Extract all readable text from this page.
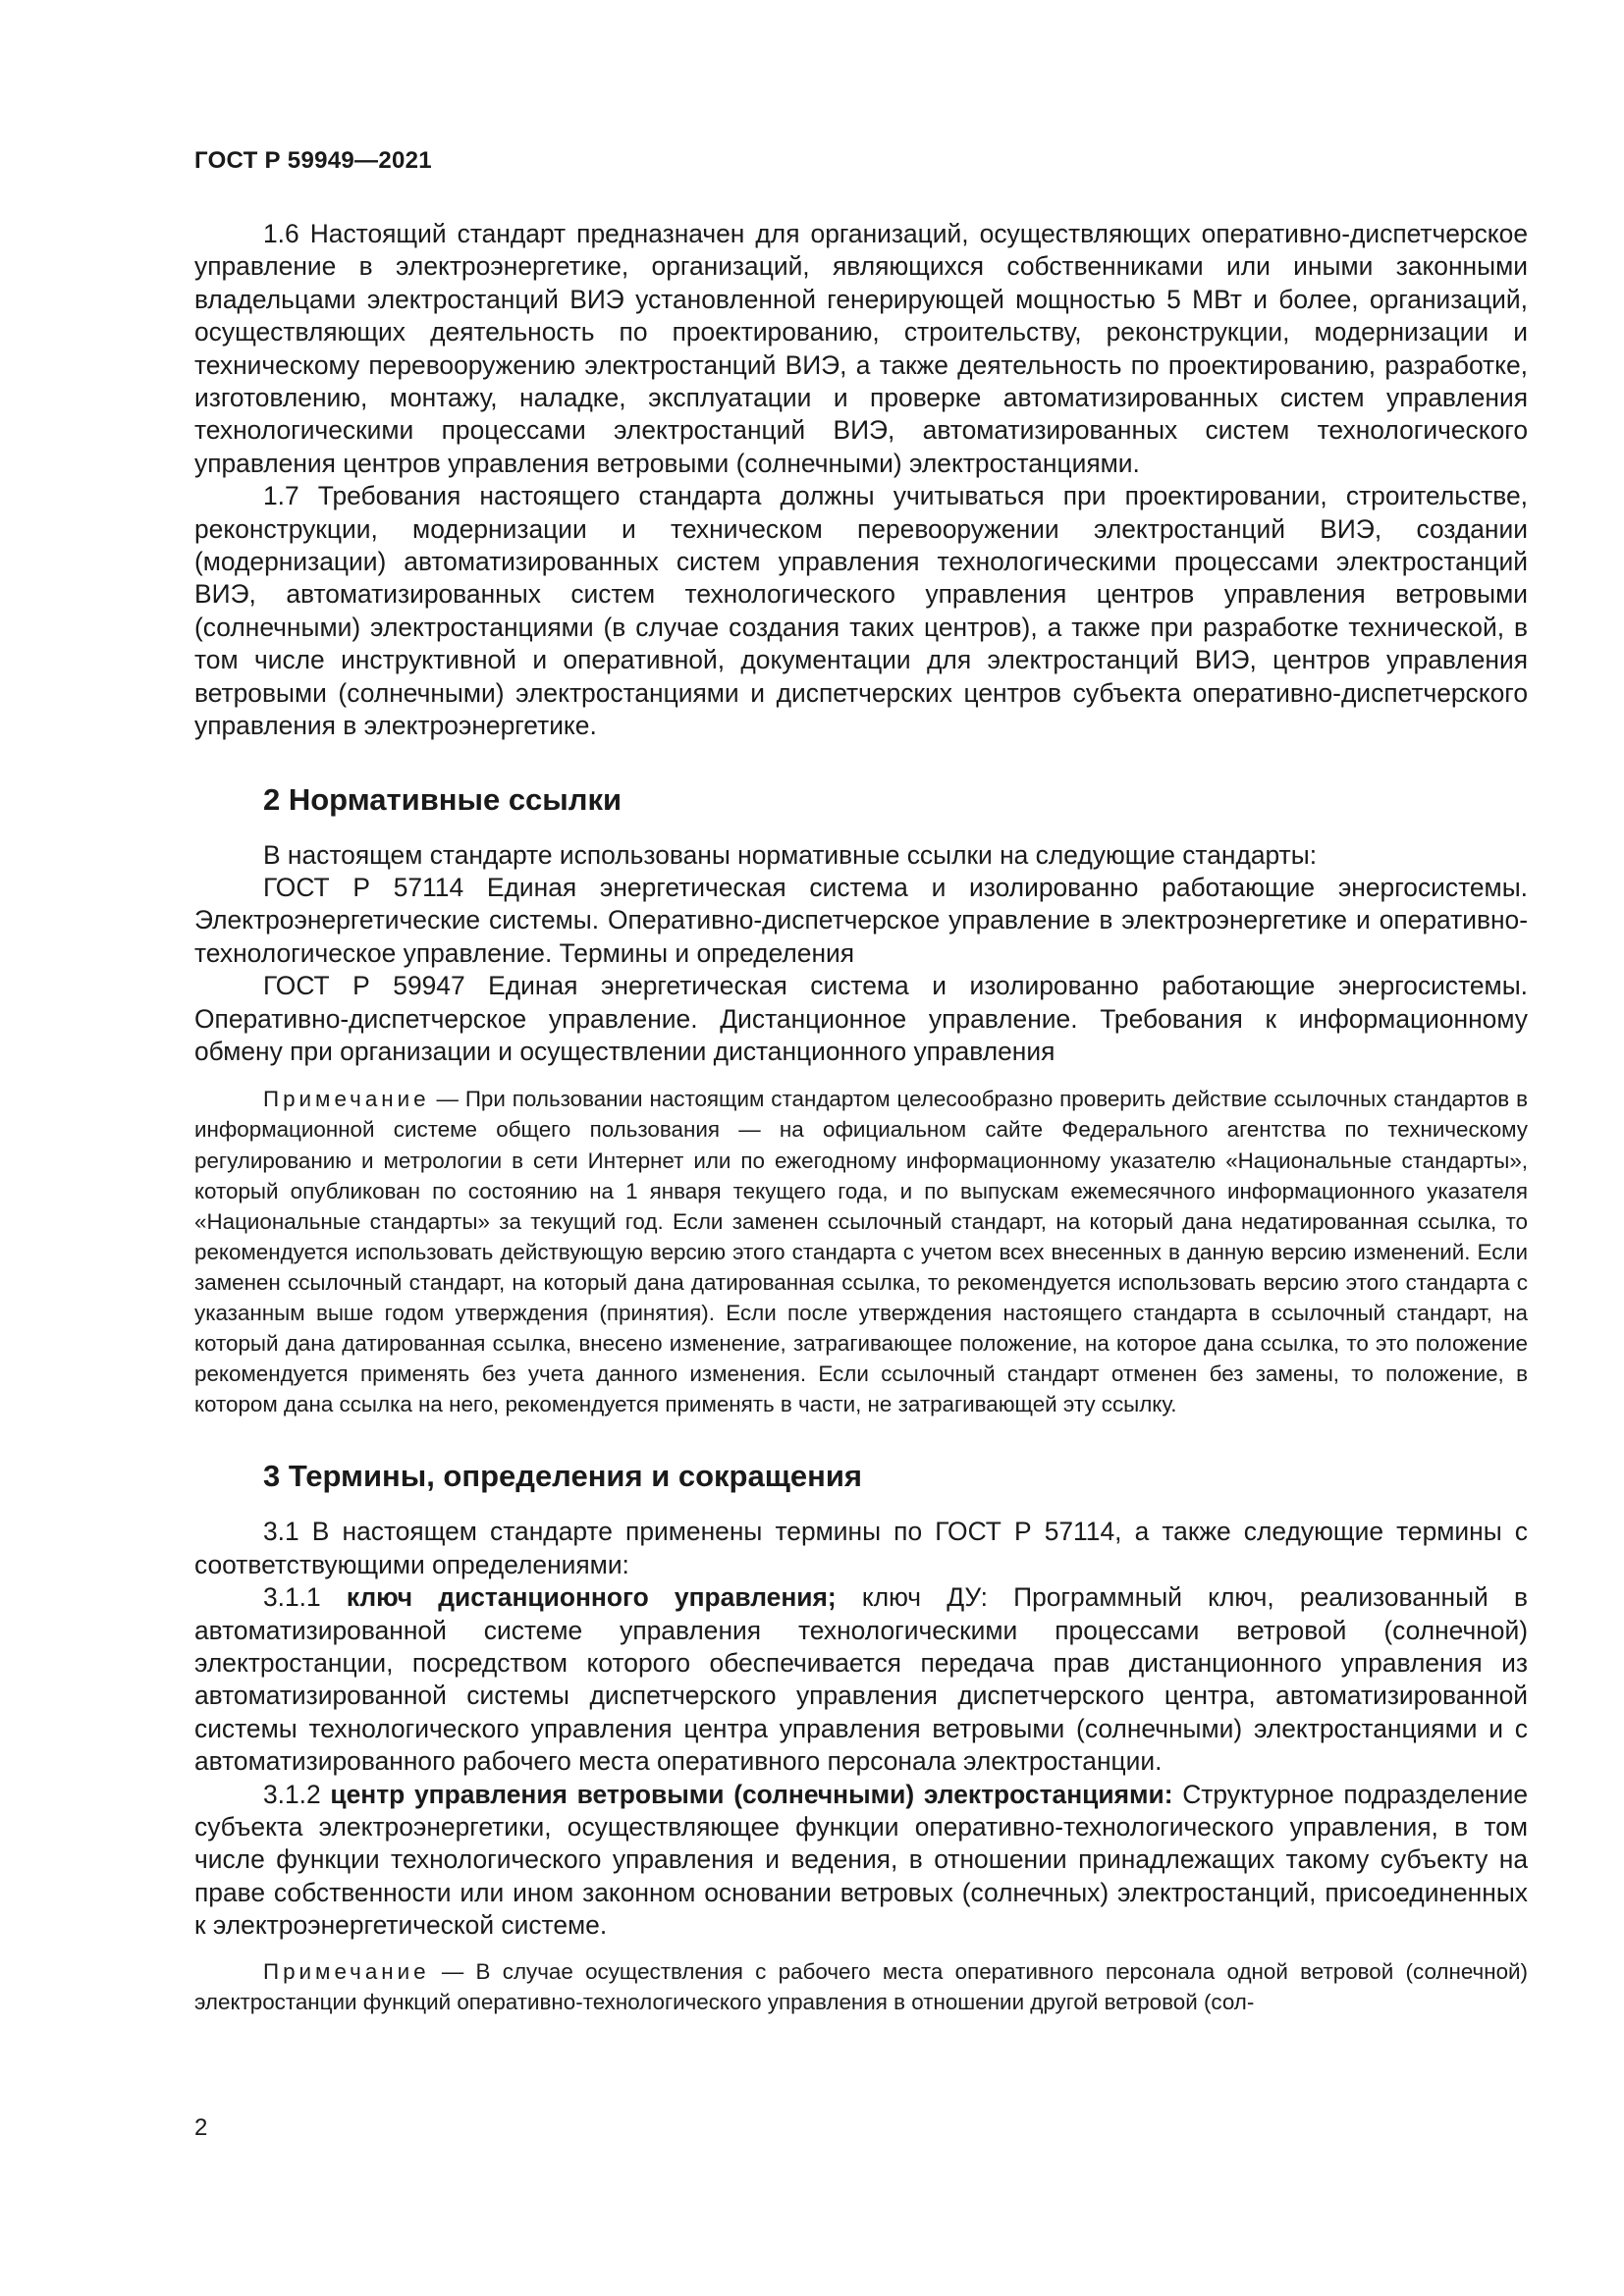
ГОСТ Р 59949—2021

1.6 Настоящий стандарт предназначен для организаций, осуществляющих оперативно-диспетчерское управление в электроэнергетике, организаций, являющихся собственниками или иными законными владельцами электростанций ВИЭ установленной генерирующей мощностью 5 МВт и более, организаций, осуществляющих деятельность по проектированию, строительству, реконструкции, модернизации и техническому перевооружению электростанций ВИЭ, а также деятельность по проектированию, разработке, изготовлению, монтажу, наладке, эксплуатации и проверке автоматизированных систем управления технологическими процессами электростанций ВИЭ, автоматизированных систем технологического управления центров управления ветровыми (солнечными) электростанциями.

1.7 Требования настоящего стандарта должны учитываться при проектировании, строительстве, реконструкции, модернизации и техническом перевооружении электростанций ВИЭ, создании (модернизации) автоматизированных систем управления технологическими процессами электростанций ВИЭ, автоматизированных систем технологического управления центров управления ветровыми (солнечными) электростанциями (в случае создания таких центров), а также при разработке технической, в том числе инструктивной и оперативной, документации для электростанций ВИЭ, центров управления ветровыми (солнечными) электростанциями и диспетчерских центров субъекта оперативно-диспетчерского управления в электроэнергетике.

2 Нормативные ссылки

В настоящем стандарте использованы нормативные ссылки на следующие стандарты:

ГОСТ Р 57114 Единая энергетическая система и изолированно работающие энергосистемы. Электроэнергетические системы. Оперативно-диспетчерское управление в электроэнергетике и оперативно-технологическое управление. Термины и определения

ГОСТ Р 59947 Единая энергетическая система и изолированно работающие энергосистемы. Оперативно-диспетчерское управление. Дистанционное управление. Требования к информационному обмену при организации и осуществлении дистанционного управления

Примечание — При пользовании настоящим стандартом целесообразно проверить действие ссылочных стандартов в информационной системе общего пользования — на официальном сайте Федерального агентства по техническому регулированию и метрологии в сети Интернет или по ежегодному информационному указателю «Национальные стандарты», который опубликован по состоянию на 1 января текущего года, и по выпускам ежемесячного информационного указателя «Национальные стандарты» за текущий год. Если заменен ссылочный стандарт, на который дана недатированная ссылка, то рекомендуется использовать действующую версию этого стандарта с учетом всех внесенных в данную версию изменений. Если заменен ссылочный стандарт, на который дана датированная ссылка, то рекомендуется использовать версию этого стандарта с указанным выше годом утверждения (принятия). Если после утверждения настоящего стандарта в ссылочный стандарт, на который дана датированная ссылка, внесено изменение, затрагивающее положение, на которое дана ссылка, то это положение рекомендуется применять без учета данного изменения. Если ссылочный стандарт отменен без замены, то положение, в котором дана ссылка на него, рекомендуется применять в части, не затрагивающей эту ссылку.
3 Термины, определения и сокращения

3.1 В настоящем стандарте применены термины по ГОСТ Р 57114, а также следующие термины с соответствующими определениями:

3.1.1 ключ дистанционного управления; ключ ДУ: Программный ключ, реализованный в автоматизированной системе управления технологическими процессами ветровой (солнечной) электростанции, посредством которого обеспечивается передача прав дистанционного управления из автоматизированной системы диспетчерского управления диспетчерского центра, автоматизированной системы технологического управления центра управления ветровыми (солнечными) электростанциями и с автоматизированного рабочего места оперативного персонала электростанции.

3.1.2 центр управления ветровыми (солнечными) электростанциями: Структурное подразделение субъекта электроэнергетики, осуществляющее функции оперативно-технологического управления, в том числе функции технологического управления и ведения, в отношении принадлежащих такому субъекту на праве собственности или ином законном основании ветровых (солнечных) электростанций, присоединенных к электроэнергетической системе.

Примечание — В случае осуществления с рабочего места оперативного персонала одной ветровой (солнечной) электростанции функций оперативно-технологического управления в отношении другой ветровой (сол-
2
